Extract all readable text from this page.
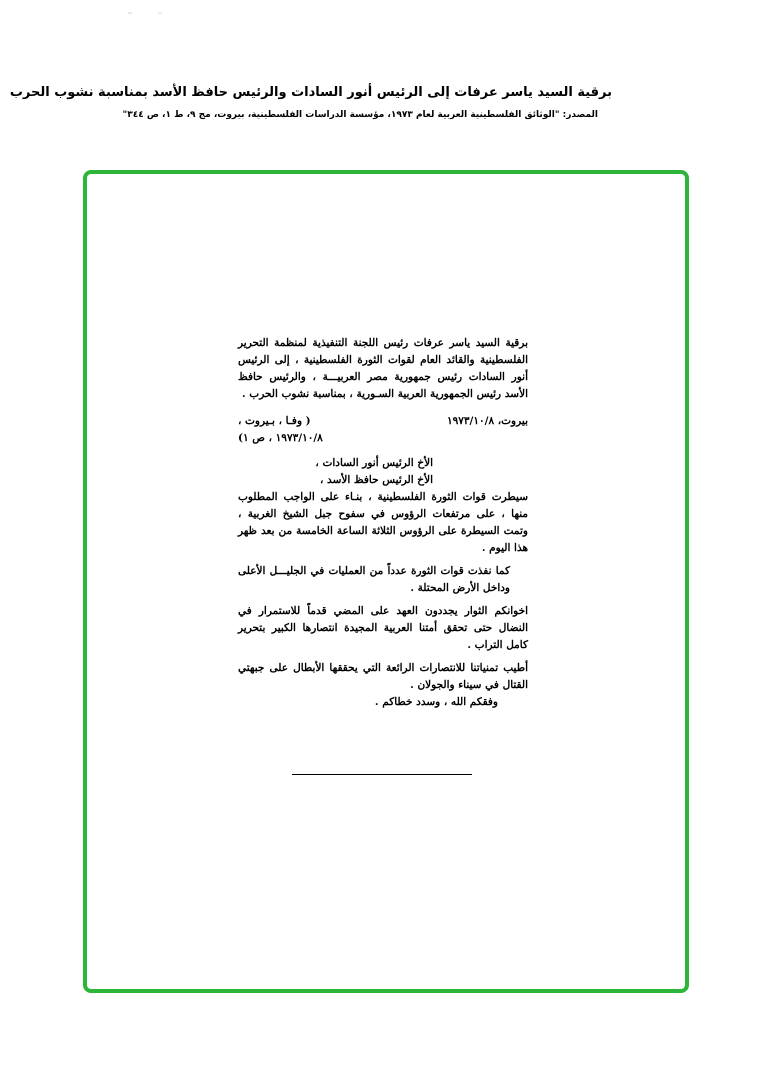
برقية السيد ياسر عرفات إلى الرئيس أنور السادات والرئيس حافظ الأسد بمناسبة نشوب الحرب
المصدر: "الوثائق الفلسطينية العربية لعام ١٩٧٣، مؤسسة الدراسات الفلسطينية، بيروت، مج ٩، ط ١، ص ٣٤٤"

برقية السيد ياسر عرفات رئيس اللجنة التنفيذية لمنظمة التحرير الفلسطينية والقائد العام لقوات الثورة الفلسطينية ، إلى الرئيس أنور السادات رئيس جمهورية مصر العربيـــة ، والرئيس حافظ الأسد رئيس الجمهورية العربية السـورية ، بمناسبة نشوب الحرب .

بيروت، ١٩٧٣/١٠/٨
( وفـا ، بـيروت ،

١٩٧٣/١٠/٨ ، ص ١)

الأخ الرئيس أنور السادات ،

الأخ الرئيس حافظ الأسد ،

سيطرت قوات الثورة الفلسطينية ، بنـاء على الواجب المطلوب منها ، على مرتفعات الرؤوس في سفوح جبل الشيخ الغربية ، وتمت السيطرة على الرؤوس الثلاثة الساعة الخامسة من بعد ظهر هذا اليوم .

كما نفذت قوات الثورة عدداً من العمليات في الجليـــل الأعلى وداخل الأرض المحتلة .

اخوانكم الثوار يجددون العهد على المضي قدماً للاستمرار في النضال حتى تحقق أمتنا العربية المجيدة انتصارها الكبير بتحرير كامل التراب .

أطيب تمنياتنا للانتصارات الرائعة التي يحققها الأبطال على جبهتي القتال في سيناء والجولان .

وفقكم الله ، وسدد خطاكم .
